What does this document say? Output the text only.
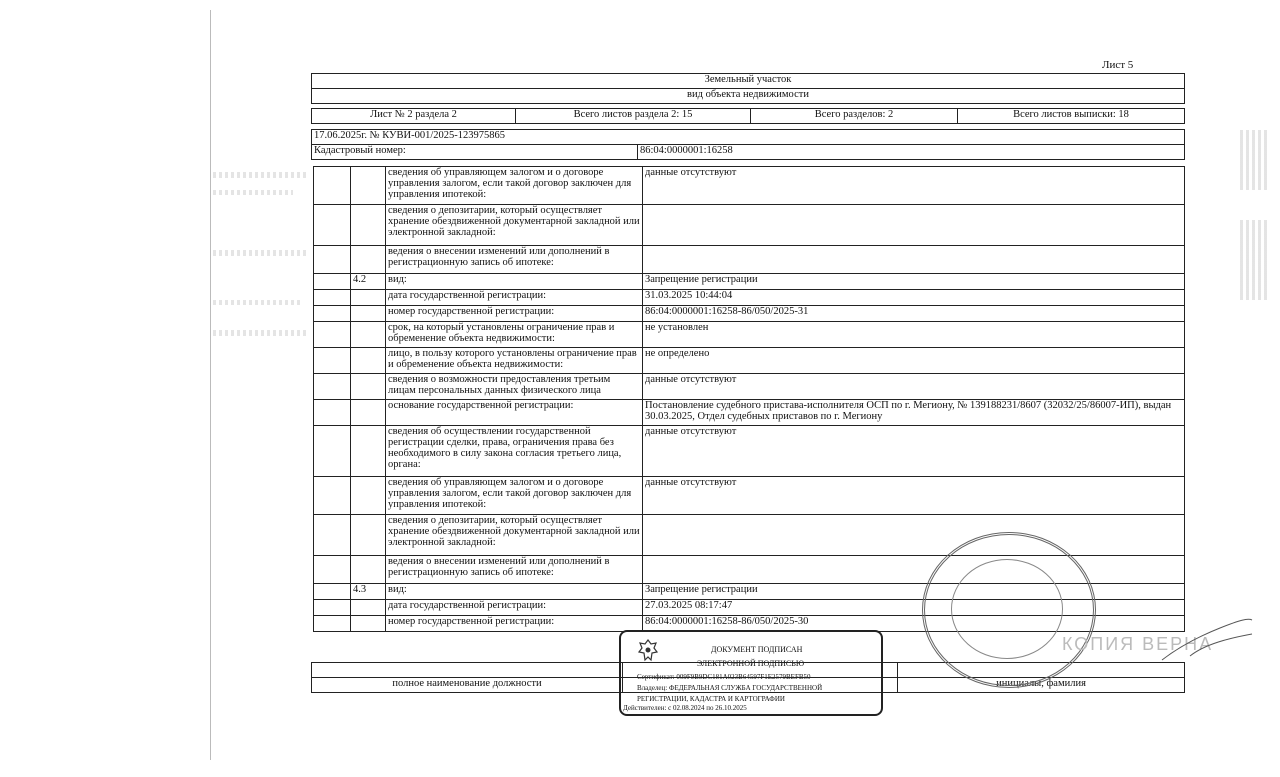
Лист 5
Земельный участок
вид объекта недвижимости
Лист № 2 раздела 2	Всего листов раздела 2: 15	Всего разделов: 2	Всего листов выписки: 18
17.06.2025г. № КУВИ-001/2025-123975865
Кадастровый номер:	86:04:0000001:16258
		сведения об управляющем залогом и о договоре управления залогом, если такой договор заключен для управления ипотекой:	данные отсутствуют
		сведения о депозитарии, который осуществляет хранение обездвиженной документарной закладной или электронной закладной:	
		ведения о внесении изменений или дополнений в регистрационную запись об ипотеке:	
	4.2	вид:	Запрещение регистрации
		дата государственной регистрации:	31.03.2025 10:44:04
		номер государственной регистрации:	86:04:0000001:16258-86/050/2025-31
		срок, на который установлены ограничение прав и обременение объекта недвижимости:	не установлен
		лицо, в пользу которого установлены ограничение прав и обременение объекта недвижимости:	не определено
		сведения о возможности предоставления третьим лицам персональных данных физического лица	данные отсутствуют
		основание государственной регистрации:	Постановление судебного пристава-исполнителя ОСП по г. Мегиону, № 139188231/8607 (32032/25/86007-ИП), выдан 30.03.2025, Отдел судебных приставов по г. Мегиону
		сведения об осуществлении государственной регистрации сделки, права, ограничения права без необходимого в силу закона согласия третьего лица, органа:	данные отсутствуют
		сведения об управляющем залогом и о договоре управления залогом, если такой договор заключен для управления ипотекой:	данные отсутствуют
		сведения о депозитарии, который осуществляет хранение обездвиженной документарной закладной или электронной закладной:	
		ведения о внесении изменений или дополнений в регистрационную запись об ипотеке:	
	4.3	вид:	Запрещение регистрации
		дата государственной регистрации:	27.03.2025 08:17:47
		номер государственной регистрации:	86:04:0000001:16258-86/050/2025-30
ДОКУМЕНТ ПОДПИСАН
ЭЛЕКТРОННОЙ ПОДПИСЬЮ
Сертификат: 009F9B9DC181A023B64597F1E2579BEFB50
Владелец: ФЕДЕРАЛЬНАЯ СЛУЖБА ГОСУДАРСТВЕННОЙ
РЕГИСТРАЦИИ, КАДАСТРА И КАРТОГРАФИИ
Действителен: с 02.08.2024 по 26.10.2025

полное наименование должности		инициалы, фамилия
КОПИЯ ВЕРНА
